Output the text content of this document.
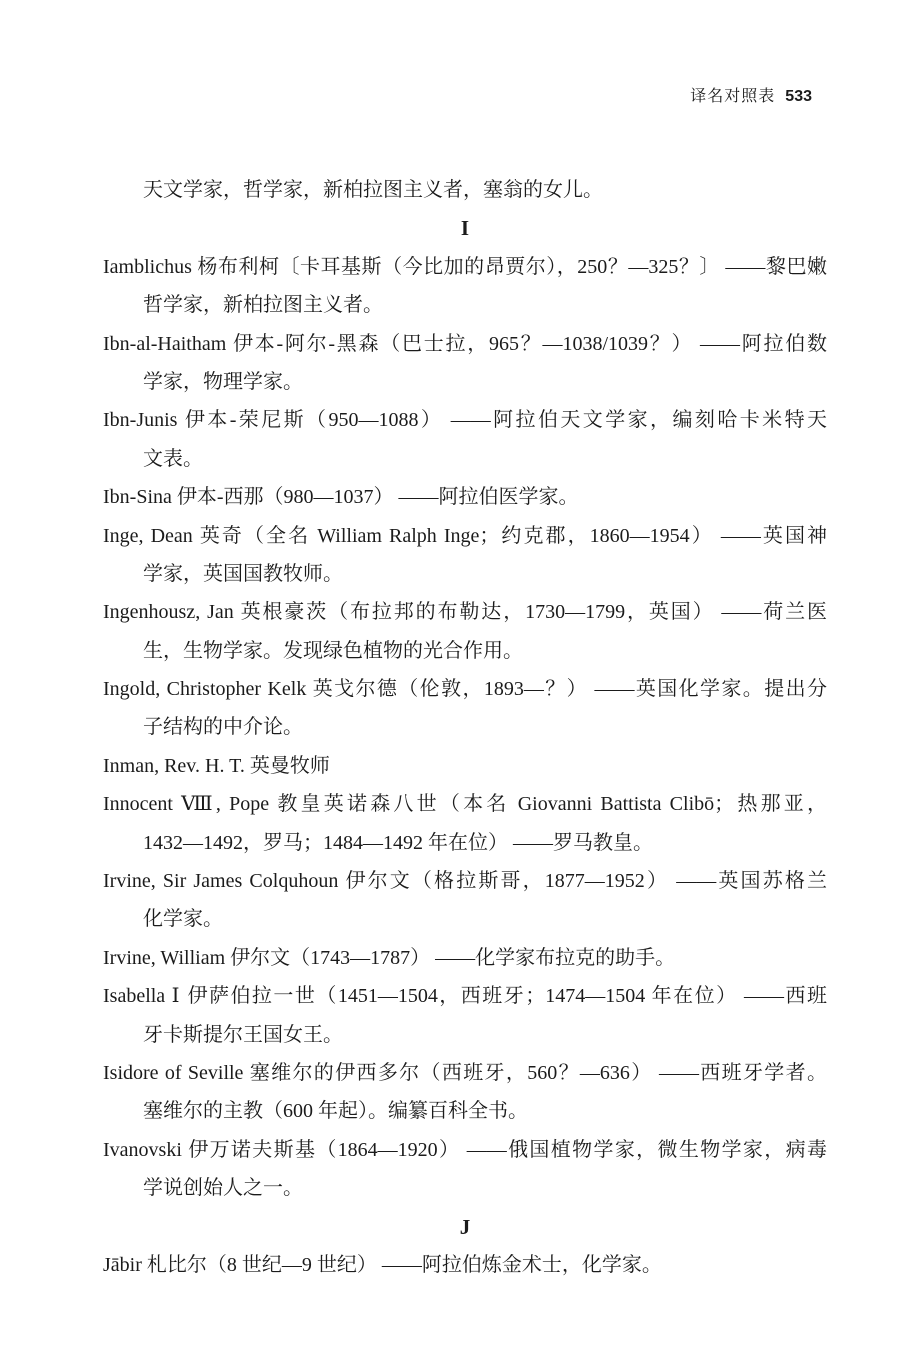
译名对照表 533
天文学家，哲学家，新柏拉图主义者，塞翁的女儿。
I
Iamblichus 杨布利柯〔卡耳基斯（今比加的昂贾尔），250？—325？〕 ——黎巴嫩
哲学家，新柏拉图主义者。
Ibn-al-Haitham 伊本-阿尔-黑森（巴士拉，965？—1038/1039？） ——阿拉伯数
学家，物理学家。
Ibn-Junis 伊本-荣尼斯（950—1088） ——阿拉伯天文学家，编刻哈卡米特天
文表。
Ibn-Sina 伊本-西那（980—1037） ——阿拉伯医学家。
Inge, Dean 英奇（全名 William Ralph Inge；约克郡，1860—1954） ——英国神
学家，英国国教牧师。
Ingenhousz, Jan 英根豪茨（布拉邦的布勒达，1730—1799，英国） ——荷兰医
生，生物学家。发现绿色植物的光合作用。
Ingold, Christopher Kelk 英戈尔德（伦敦，1893—？） ——英国化学家。提出分
子结构的中介论。
Inman, Rev. H. T. 英曼牧师
Innocent Ⅷ, Pope 教皇英诺森八世（本名 Giovanni Battista Clibō；热那亚，
1432—1492，罗马；1484—1492 年在位） ——罗马教皇。
Irvine, Sir James Colquhoun 伊尔文（格拉斯哥，1877—1952） ——英国苏格兰
化学家。
Irvine, William 伊尔文（1743—1787） ——化学家布拉克的助手。
Isabella Ⅰ 伊萨伯拉一世（1451—1504，西班牙；1474—1504 年在位） ——西班
牙卡斯提尔王国女王。
Isidore of Seville 塞维尔的伊西多尔（西班牙，560？—636） ——西班牙学者。
塞维尔的主教（600 年起）。编纂百科全书。
Ivanovski 伊万诺夫斯基（1864—1920） ——俄国植物学家，微生物学家，病毒
学说创始人之一。
J
Jābir 札比尔（8 世纪—9 世纪） ——阿拉伯炼金术士，化学家。
